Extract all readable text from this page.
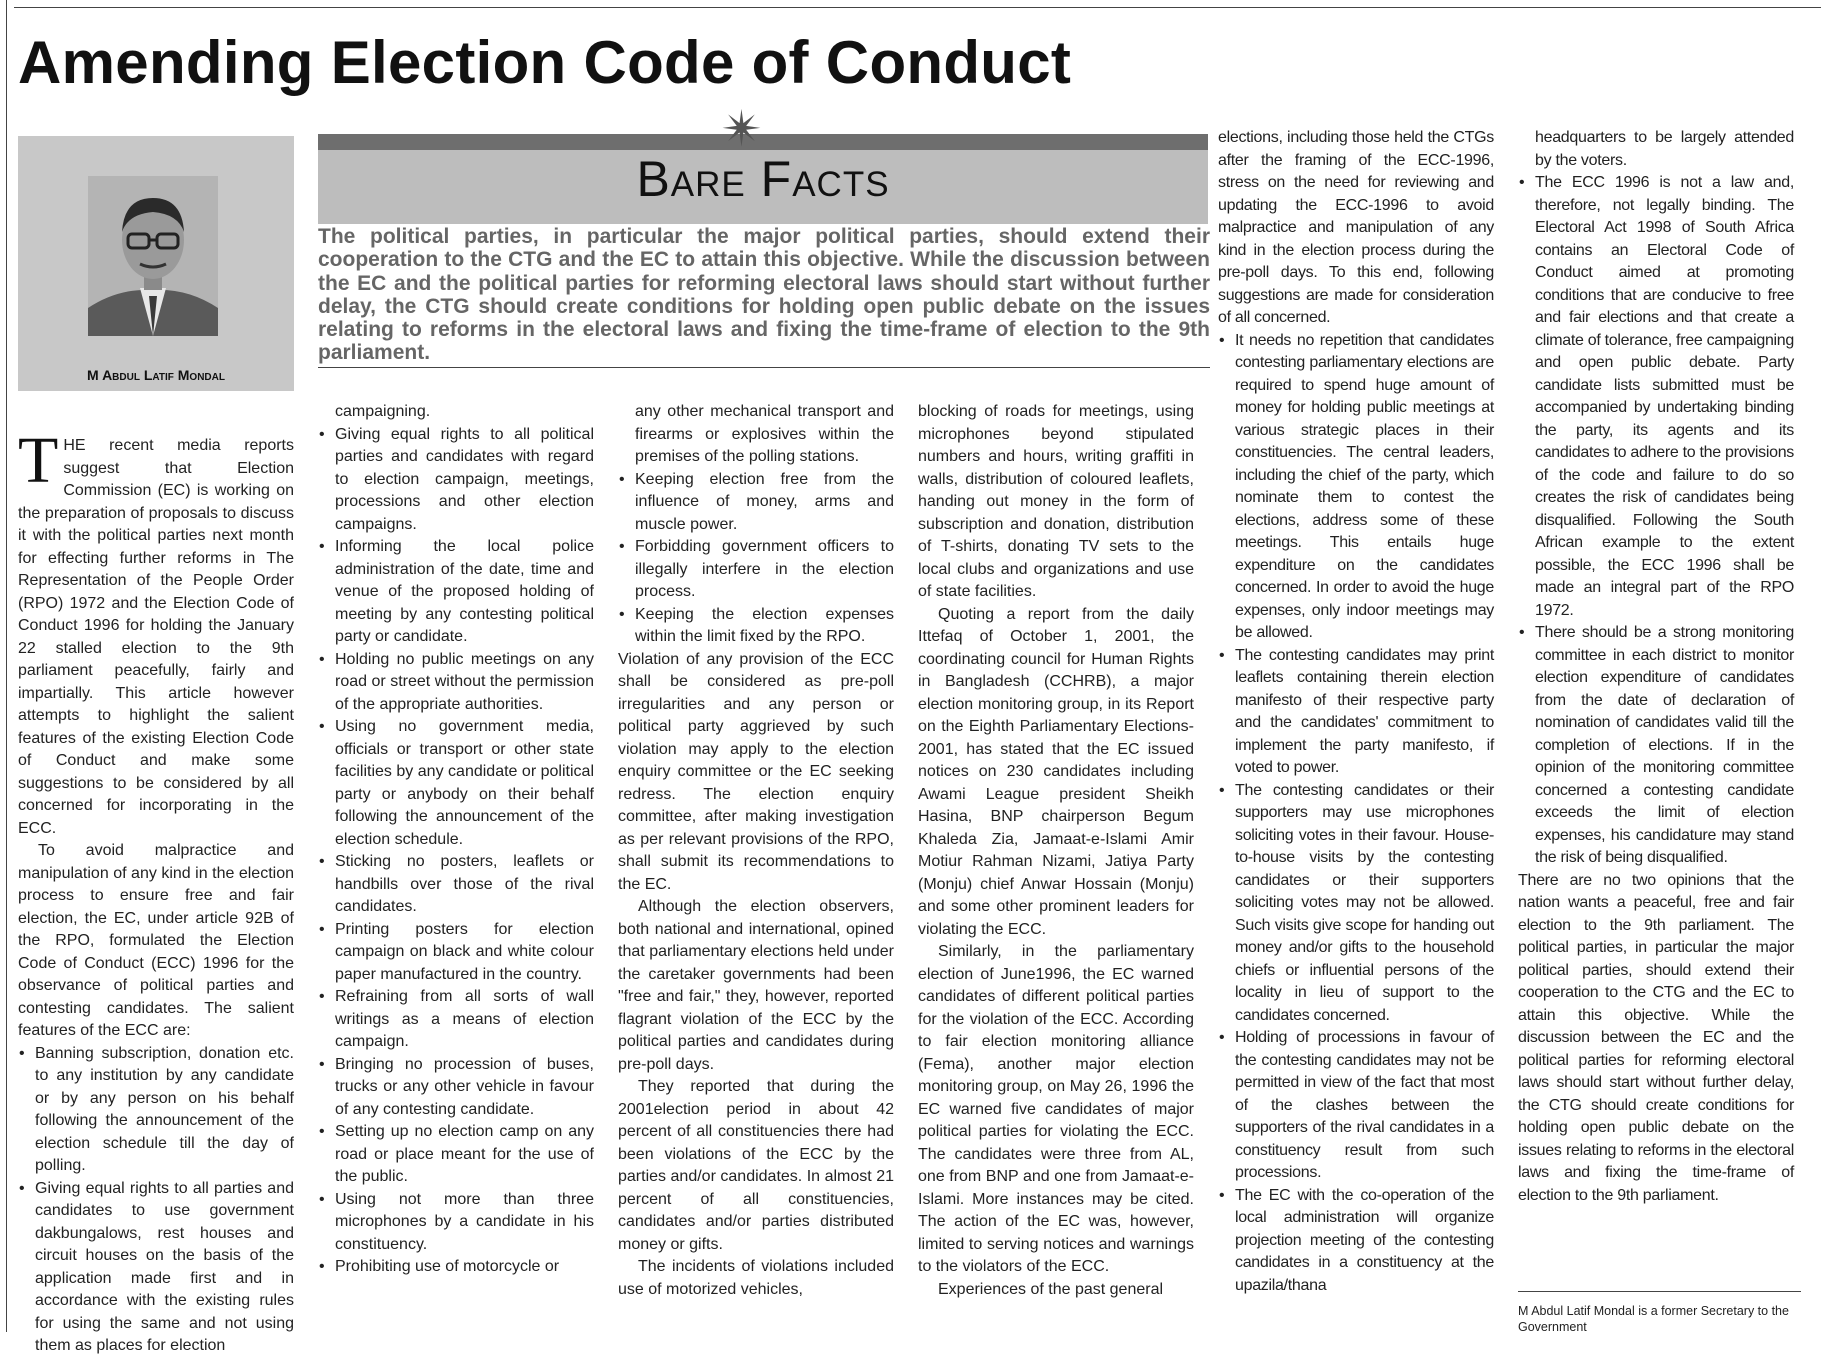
Amending Election Code of Conduct
M Abdul Latif Mondal
✴
Bare Facts

The political parties, in particular the major political parties, should extend their cooperation to the CTG and the EC to attain this objective. While the discussion between the EC and the political parties for reforming electoral laws should start without further delay, the CTG should create conditions for holding open public debate on the issues relating to reforms in the electoral laws and fixing the time-frame of election to the 9th parliament.

THE recent media reports suggest that Election Commission (EC) is working on the preparation of proposals to discuss it with the political parties next month for effecting further reforms in The Representation of the People Order (RPO) 1972 and the Election Code of Conduct 1996 for holding the January 22 stalled election to the 9th parliament peacefully, fairly and impartially. This article however attempts to highlight the salient features of the existing Election Code of Conduct and make some suggestions to be considered by all concerned for incorporating in the ECC.

To avoid malpractice and manipulation of any kind in the election process to ensure free and fair election, the EC, under article 92B of the RPO, formulated the Election Code of Conduct (ECC) 1996 for the observance of political parties and contesting candidates. The salient features of the ECC are:

• Banning subscription, donation etc. to any institution by any candidate or by any person on his behalf following the announcement of the election schedule till the day of polling.
• Giving equal rights to all parties and candidates to use government dakbungalows, rest houses and circuit houses on the basis of the application made first and in accordance with the existing rules for using the same and not using them as places for election

campaigning.

• Giving equal rights to all political parties and candidates with regard to election campaign, meetings, processions and other election campaigns.
• Informing the local police administration of the date, time and venue of the proposed holding of meeting by any contesting political party or candidate.
• Holding no public meetings on any road or street without the permission of the appropriate authorities.
• Using no government media, officials or transport or other state facilities by any candidate or political party or anybody on their behalf following the announcement of the election schedule.
• Sticking no posters, leaflets or handbills over those of the rival candidates.
• Printing posters for election campaign on black and white colour paper manufactured in the country.
• Refraining from all sorts of wall writings as a means of election campaign.
• Bringing no procession of buses, trucks or any other vehicle in favour of any contesting candidate.
• Setting up no election camp on any road or place meant for the use of the public.
• Using not more than three microphones by a candidate in his constituency.
• Prohibiting use of motorcycle or

any other mechanical transport and firearms or explosives within the premises of the polling stations.

• Keeping election free from the influence of money, arms and muscle power.
• Forbidding government officers to illegally interfere in the election process.
• Keeping the election expenses within the limit fixed by the RPO.

Violation of any provision of the ECC shall be considered as pre-poll irregularities and any person or political party aggrieved by such violation may apply to the election enquiry committee or the EC seeking redress. The election enquiry committee, after making investigation as per relevant provisions of the RPO, shall submit its recommendations to the EC.

Although the election observers, both national and international, opined that parliamentary elections held under the caretaker governments had been "free and fair," they, however, reported flagrant violation of the ECC by the political parties and candidates during pre-poll days.

They reported that during the 2001election period in about 42 percent of all constituencies there had been violations of the ECC by the parties and/or candidates. In almost 21 percent of all constituencies, candidates and/or parties distributed money or gifts.

The incidents of violations included use of motorized vehicles,

blocking of roads for meetings, using microphones beyond stipulated numbers and hours, writing graffiti in walls, distribution of coloured leaflets, handing out money in the form of subscription and donation, distribution of T-shirts, donating TV sets to the local clubs and organizations and use of state facilities.

Quoting a report from the daily Ittefaq of October 1, 2001, the coordinating council for Human Rights in Bangladesh (CCHRB), a major election monitoring group, in its Report on the Eighth Parliamentary Elections-2001, has stated that the EC issued notices on 230 candidates including Awami League president Sheikh Hasina, BNP chairperson Begum Khaleda Zia, Jamaat-e-Islami Amir Motiur Rahman Nizami, Jatiya Party (Monju) chief Anwar Hossain (Monju) and some other prominent leaders for violating the ECC.

Similarly, in the parliamentary election of June1996, the EC warned candidates of different political parties for the violation of the ECC. According to fair election monitoring alliance (Fema), another major election monitoring group, on May 26, 1996 the EC warned five candidates of major political parties for violating the ECC. The candidates were three from AL, one from BNP and one from Jamaat-e-Islami. More instances may be cited. The action of the EC was, however, limited to serving notices and warnings to the violators of the ECC.

Experiences of the past general

elections, including those held the CTGs after the framing of the ECC-1996, stress on the need for reviewing and updating the ECC-1996 to avoid malpractice and manipulation of any kind in the election process during the pre-poll days. To this end, following suggestions are made for consideration of all concerned.

• It needs no repetition that candidates contesting parliamentary elections are required to spend huge amount of money for holding public meetings at various strategic places in their constituencies. The central leaders, including the chief of the party, which nominate them to contest the elections, address some of these meetings. This entails huge expenditure on the candidates concerned. In order to avoid the huge expenses, only indoor meetings may be allowed.
• The contesting candidates may print leaflets containing therein election manifesto of their respective party and the candidates' commitment to implement the party manifesto, if voted to power.
• The contesting candidates or their supporters may use microphones soliciting votes in their favour. House-to-house visits by the contesting candidates or their supporters soliciting votes may not be allowed. Such visits give scope for handing out money and/or gifts to the household chiefs or influential persons of the locality in lieu of support to the candidates concerned.
• Holding of processions in favour of the contesting candidates may not be permitted in view of the fact that most of the clashes between the supporters of the rival candidates in a constituency result from such processions.
• The EC with the co-operation of the local administration will organize projection meeting of the contesting candidates in a constituency at the upazila/thana

headquarters to be largely attended by the voters.

• The ECC 1996 is not a law and, therefore, not legally binding. The Electoral Act 1998 of South Africa contains an Electoral Code of Conduct aimed at promoting conditions that are conducive to free and fair elections and that create a climate of tolerance, free campaigning and open public debate. Party candidate lists submitted must be accompanied by undertaking binding the party, its agents and its candidates to adhere to the provisions of the code and failure to do so creates the risk of candidates being disqualified. Following the South African example to the extent possible, the ECC 1996 shall be made an integral part of the RPO 1972.
• There should be a strong monitoring committee in each district to monitor election expenditure of candidates from the date of declaration of nomination of candidates valid till the completion of elections. If in the opinion of the monitoring committee concerned a contesting candidate exceeds the limit of election expenses, his candidature may stand the risk of being disqualified.

There are no two opinions that the nation wants a peaceful, free and fair election to the 9th parliament. The political parties, in particular the major political parties, should extend their cooperation to the CTG and the EC to attain this objective. While the discussion between the EC and the political parties for reforming electoral laws should start without further delay, the CTG should create conditions for holding open public debate on the issues relating to reforms in the electoral laws and fixing the time-frame of election to the 9th parliament.

M Abdul Latif Mondal is a former Secretary to the Government
